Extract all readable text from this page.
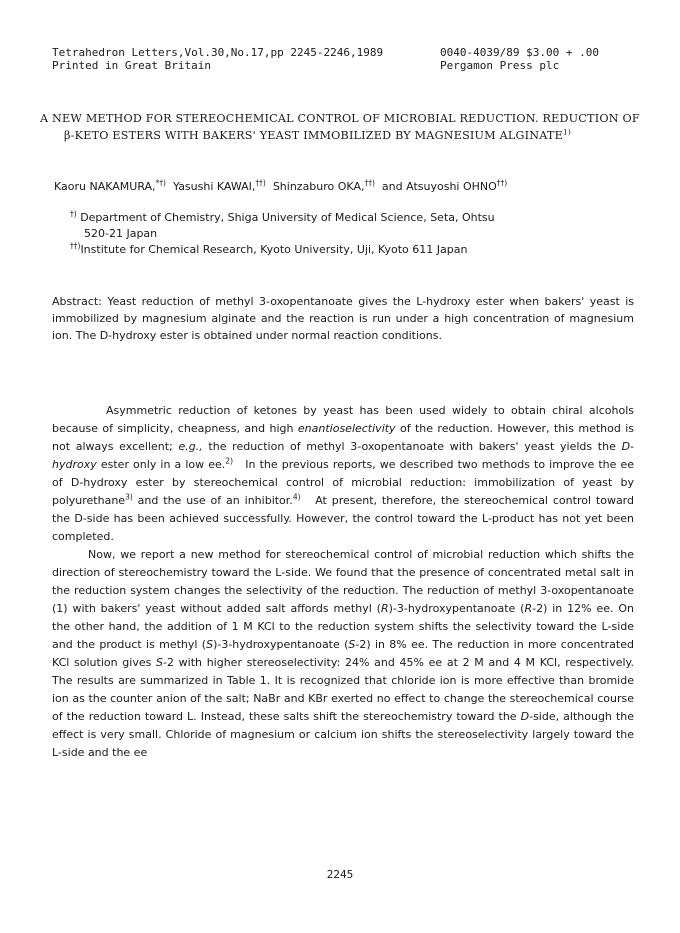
Tetrahedron Letters,Vol.30,No.17,pp 2245-2246,1989	0040-4039/89 $3.00 + .00
Printed in Great Britain	Pergamon Press plc
A NEW METHOD FOR STEREOCHEMICAL CONTROL OF MICROBIAL REDUCTION. REDUCTION OF
β-KETO ESTERS WITH BAKERS' YEAST IMMOBILIZED BY MAGNESIUM ALGINATE$^{1)}$
Kaoru NAKAMURA,*†) Yasushi KAWAI,††) Shinzaburo OKA,††) and Atsuyoshi OHNO††)
†) Department of Chemistry, Shiga University of Medical Science, Seta, Ohtsu
520-21 Japan
††)Institute for Chemical Research, Kyoto University, Uji, Kyoto 611 Japan
Abstract: Yeast reduction of methyl 3-oxopentanoate gives the L-hydroxy ester when bakers' yeast is immobilized by magnesium alginate and the reaction is run under a high concentration of magnesium ion. The D-hydroxy ester is obtained under normal reaction conditions.

Asymmetric reduction of ketones by yeast has been used widely to obtain chiral alcohols because of simplicity, cheapness, and high enantioselectivity of the reduction. However, this method is not always excellent; e.g., the reduction of methyl 3-oxopentanoate with bakers' yeast yields the D-hydroxy ester only in a low ee.$^{2)}$ In the previous reports, we described two methods to improve the ee of D-hydroxy ester by stereochemical control of microbial reduction: immobilization of yeast by polyurethane$^{3)}$ and the use of an inhibitor.$^{4)}$ At present, therefore, the stereochemical control toward the D-side has been achieved successfully. However, the control toward the L-product has not yet been completed.

Now, we report a new method for stereochemical control of microbial reduction which shifts the direction of stereochemistry toward the L-side. We found that the presence of concentrated metal salt in the reduction system changes the selectivity of the reduction. The reduction of methyl 3-oxopentanoate (1) with bakers' yeast without added salt affords methyl (R)-3-hydroxypentanoate (R-2) in 12% ee. On the other hand, the addition of 1 M KCl to the reduction system shifts the selectivity toward the L-side and the product is methyl (S)-3-hydroxypentanoate (S-2) in 8% ee. The reduction in more concentrated KCl solution gives S-2 with higher stereoselectivity: 24% and 45% ee at 2 M and 4 M KCl, respectively. The results are summarized in Table 1. It is recognized that chloride ion is more effective than bromide ion as the counter anion of the salt; NaBr and KBr exerted no effect to change the stereochemical course of the reduction toward L. Instead, these salts shift the stereochemistry toward the D-side, although the effect is very small. Chloride of magnesium or calcium ion shifts the stereoselectivity largely toward the L-side and the ee

2245
